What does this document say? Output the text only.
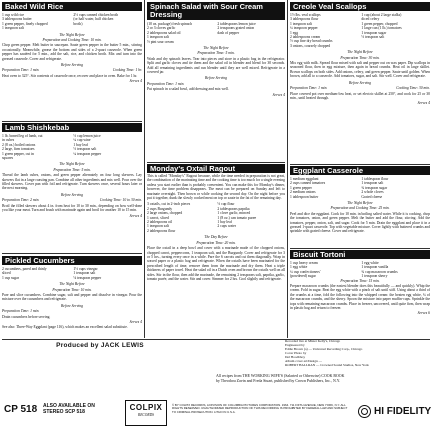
Baked Wild Rice
1 cup wild rice
3 tablespoons butter
1 green pepper, finely chopped
1 teaspoon salt
2½ cups canned chicken broth
(or half water, half chicken
broth)
The Night Before
Preparation and Cooking Time: 10 min.

Chop green pepper. Melt butter in saucepan. Saute green pepper in the butter 5 min., stirring occasionally. Meanwhile, grease the bottom and sides of a 2-quart casserole. When green pepper has sautéed for 5 min., add the salt, rice, and chicken broth. Mix and turn into the greased casserole. Cover and refrigerate.

Before Serving
Preparation Time: 1 min.	Cooking Time: 1 hr.

Heat oven to 325°. Stir contents of casserole once, recover and place in oven. Bake for 1 hr.

Serves 4
Lamb Shishkebab
1 lb. boned leg of lamb, cut
in cubes
2 (8 oz.) boiled onions
2 large, firm tomatoes
1 green pepper, cut in
squares
½ cup lemon juice
¼ cup wine
1 bay leaf
½ teaspoon salt
¼ teaspoon pepper
The Night Before
Preparation Time: 5 min.

Thread the lamb cubes, onions, and green pepper alternately on four long skewers. Lay skewers flat in a large roasting pan. Combine all other ingredients and mix well. Pour over the filled skewers. Cover pan with foil and refrigerate. Turn skewers once, several hours later or the next morning.

Before Serving
Preparation Time: 2 min.	Cooking Time: 10 to 30 min.

Broil the filled skewers about 4 in. from heat for 10 to 30 min., depending on how well-done you like your meat. Turn and brush with marinade again and broil for another 10 to 15 min.

Serves 4
Pickled Cucumbers
2 cucumbers, pared and thinly
sliced
1 cup sugar
1½ cups vinegar
1 teaspoon salt
⅛ teaspoon pepper
The Night Before
Preparation Time: 10 min.

Pare and slice cucumbers. Combine sugar, salt and pepper and dissolve in vinegar. Pour the mixture over the cucumbers and refrigerate.

Before Serving
Preparation Time: 1 min.

Drain cucumbers before serving.

Serves 4

See also: Three-Way Eggplant (page 116), which makes an excellent salad substitute.

Spinach Salad with Sour Cream Dressing
(10 oz. package) fresh spinach
2 or 3 cloves garlic
2 tablespoons salad oil
1 teaspoon salt
½ pint sour cream
2 tablespoons lemon juice
2 teaspoons grated onion
dash of pepper
The Night Before
Preparation Time: 5 min.

Wash and dry spinach leaves. Tear into pieces and store in a plastic bag in the refrigerator. Split and garlic cloves and tie them and the salad oil in blender and blend for 30 seconds. Add all remaining ingredients and run blender until they are well mixed. Refrigerate in a covered jar.

Before Serving
Preparation Time: 1 min.

Put spinach in a salad bowl, add dressing and mix well.

Serves 4
Monday's Oxtail Ragout

This is called "Monday's" Ragout because, while the time needed in preparation is not great, the combination of the marinating time and the cooking time is too much for a single evening unless you start earlier than is probably convenient. You can make this for Monday's dinner, however, the time problem disappears. The meat can be prepared on Sunday and left to marinate overnight. Then brown or while cooking the second day. On the night before you put it together, dunk the slowly cooked meat on top or saute in the fat of the remaining day.

3 oxtails, cut in 2-inch pieces
2 cups Burgundy
2 large onions, chopped
1 carrot, sliced
2 tablespoons oil
1 teaspoon salt
2 tablespoons flour
½ cup flour
2 tablespoons paprika
1 clove garlic, minced
1 (8 oz.) can tomato puree
1 bay leaf
2 cups water
The Day Before
Preparation Time: 20 min.

Place the oxtail in a deep bowl and cover with a marinade made of the chopped onions, chopped carrot, peppercorns, 1 teaspoon salt, and the Burgundy. Cover and refrigerate for 3 or 5 hrs., turning every once in a while. Pare the 6 carrots and cut them diagonally. Wrap in waxed paper or a plastic bag and refrigerate. When the oxtails have been marinated for the prescribed length of time, remove them from the marinade and dry them. Heat a triple thickness of paper towel. Heat the salad oil in a Dutch oven and brown the oxtails well on all sides. Stir in the flour, then add the marinade, the remaining 2 teaspoons salt, paprika, garlic, tomato purée, and the water. Stir and cover. Simmer for 2 hrs. Cool slightly and refrigerate.

Creole Veal Scallops
1½ lbs. veal scallops
3 tablespoons flour
1 teaspoon salt
¼ teaspoon pepper
1 egg
2 tablespoons cream
½ cup fine dry bread crumbs
3 onions, coarsely chopped
1 cup (about 2 large stalks)
diced celery
1 green pepper, chopped
1 large can (1 lb.) tomatoes
1 teaspoon sugar
½ teaspoon salt
The Night Before
Preparation Time: 30 min.

Mix egg with milk. Spread flour mixed with salt and pepper out on wax paper. Dip scallops in seasoned flour, then in egg mixture, then again in bread crumbs. Heat oil in large skillet. Brown scallops on both sides. Add onions, celery, and green pepper. Saute until golden. When brown, add all to a casserole. Add tomatoes, sugar, and salt. Stir well. Cover and refrigerate.

Before Serving
Preparation Time: 1 min.	Cooking Time: 30 min.

Place covered pot over medium-low heat, or set electric skillet at 250°, and cook for 25 or 30 min., until heated through.

Serves 4
Eggplant Casserole
1 medium eggplant
2 cups canned tomatoes
1 green pepper
2 medium onions
1 tablespoon butter
1 tablespoon flour
1 teaspoon salt
¾ teaspoon sugar
2 whole cloves
Grated cheese
The Night Before
Preparation and Cooking Time: 25 min.

Peel and dice the eggplant. Cook for 10 min. in boiling salted water. While it is cooking, chop the tomatoes, onion, and green pepper. Melt the butter and add the flour, stirring. Add the tomatoes, pepper, onion, salt, and sugar. Cook for 5 min. Drain the eggplant and place it in a greased 1-quart casserole. Top with vegetable mixture. Cover lightly with buttered crumbs and sprinkle with grated cheese. Cover and refrigerate.

Biscuit Tortoni
1 cup heavy cream
1 egg white
¼ cup confectioners'
(powdered) sugar
1 egg white
1 teaspoon vanilla
¾ cup macaroon crumbs
1 teaspoon sherry
Preparation Time: 15 min.

Prepare macaroon crumbs (the easiest blender does this beautifully — and quickly). Whip the cream. Fold in sugar. Beat the egg white with a pinch of salt until stiff. Using about a third of the crumbs at a time, fold the following into the whipped cream: the beaten egg white, ¾ of the macaroon crumbs, and the sherry. Spoon the mixture into paper muffin-cups. Sprinkle the tops with remaining macaroon crumbs. Place in freezer, uncovered, until quite firm, then wrap in plastic bag and return to freezer.

Serves 6
Produced by JACK LEWIS
Recorded live at Mister Kelly's, Chicago
Engineered by
Eddie Brown (a) — Universal Recording Corp., Chicago
Cover Photo by
Del Hoodbhoy
Album cover art/Design —
ROBERT HALLRAN — Crowned Sound Studios, New York
All recipes from THE WORKING WIFE'S (Salaried or Otherwise) COOK BOOK by Theodora Zavin and Freda Stuart, published by Crown Publishers, Inc., N.Y.
CP 518 ALSO AVAILABLE ON
STEREO SCP 518	COLPIX
RECORDS
© BY COLPIX RECORDS, A DIVISION OF COLUMBIA PICTURES CORPORATION. 1964. 711 FIFTH AVENUE, NEW YORK, N.Y. ALL RIGHTS RESERVED. UNAUTHORIZED REPRODUCTION OF THIS RECORDING IS PROHIBITED BY FEDERAL LAW AND SUBJECT TO CRIMINAL PROSECUTION. LITHO IN U.S.A.	HI FIDELITY
